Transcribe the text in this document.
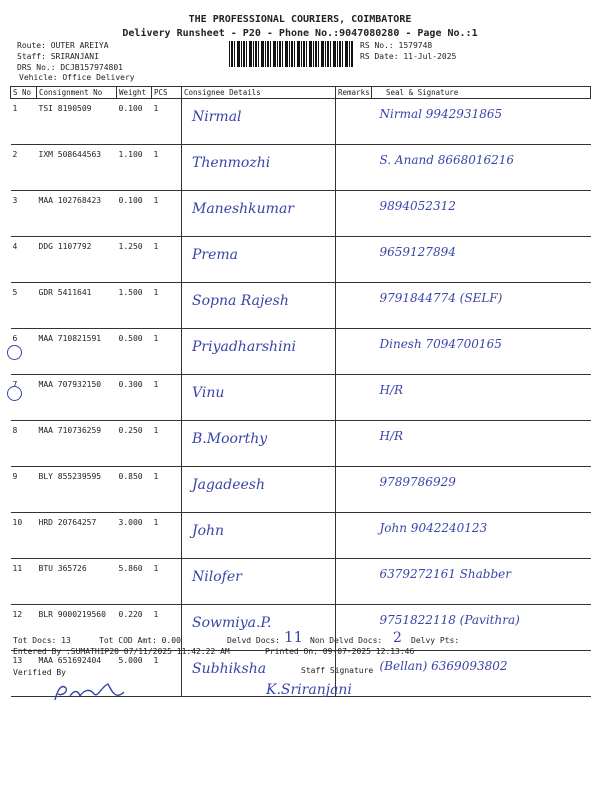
THE PROFESSIONAL COURIERS, COIMBATORE
Delivery Runsheet - P20 - Phone No.:9047080280 - Page No.:1
Route: OUTER AREIYA
Staff: SRIRANJANI
DRS No.: DCJB157974801
Vehicle: Office Delivery
RS No.: 1579748
RS Date: 11-Jul-2025
S No	Consignment No	Weight	PCS	Consignee Details	Remarks	Seal & Signature
1	TSI 8190509	0.100	1	Nirmal		Nirmal 9942931865

2	IXM 508644563	1.100	1	Thenmozhi		S. Anand 8668016216

3	MAA 102768423	0.100	1	Maneshkumar		9894052312

4	DDG 1107792	1.250	1	Prema		9659127894

5	GDR 5411641	1.500	1	Sopna Rajesh		9791844774 (SELF)

6	MAA 710821591	0.500	1	Priyadharshini		Dinesh 7094700165

7	MAA 707932150	0.300	1	Vinu		H/R

8	MAA 710736259	0.250	1	B.Moorthy		H/R

9	BLY 855239595	0.850	1	Jagadeesh		9789786929

10	HRD 20764257	3.000	1	John		John 9042240123

11	BTU 365726	5.860	1	Nilofer		6379272161 Shabber

12	BLR 9000219560	0.220	1	Sowmiya.P.		9751822118 (Pavithra)

13	MAA 651692404	5.000	1	Subhiksha		(Bellan) 6369093802
Tot Docs: 13	Tot COD Amt: 0.00	Delvd Docs: 11 Non Delvd Docs: 2 Delvy Pts:
Entered By :SUMATHIP20 07/11/2025 11:42:22 AM	Printed On: 09-07-2025 12:13:46
Verified By	Staff Signature
K.Sriranjani
